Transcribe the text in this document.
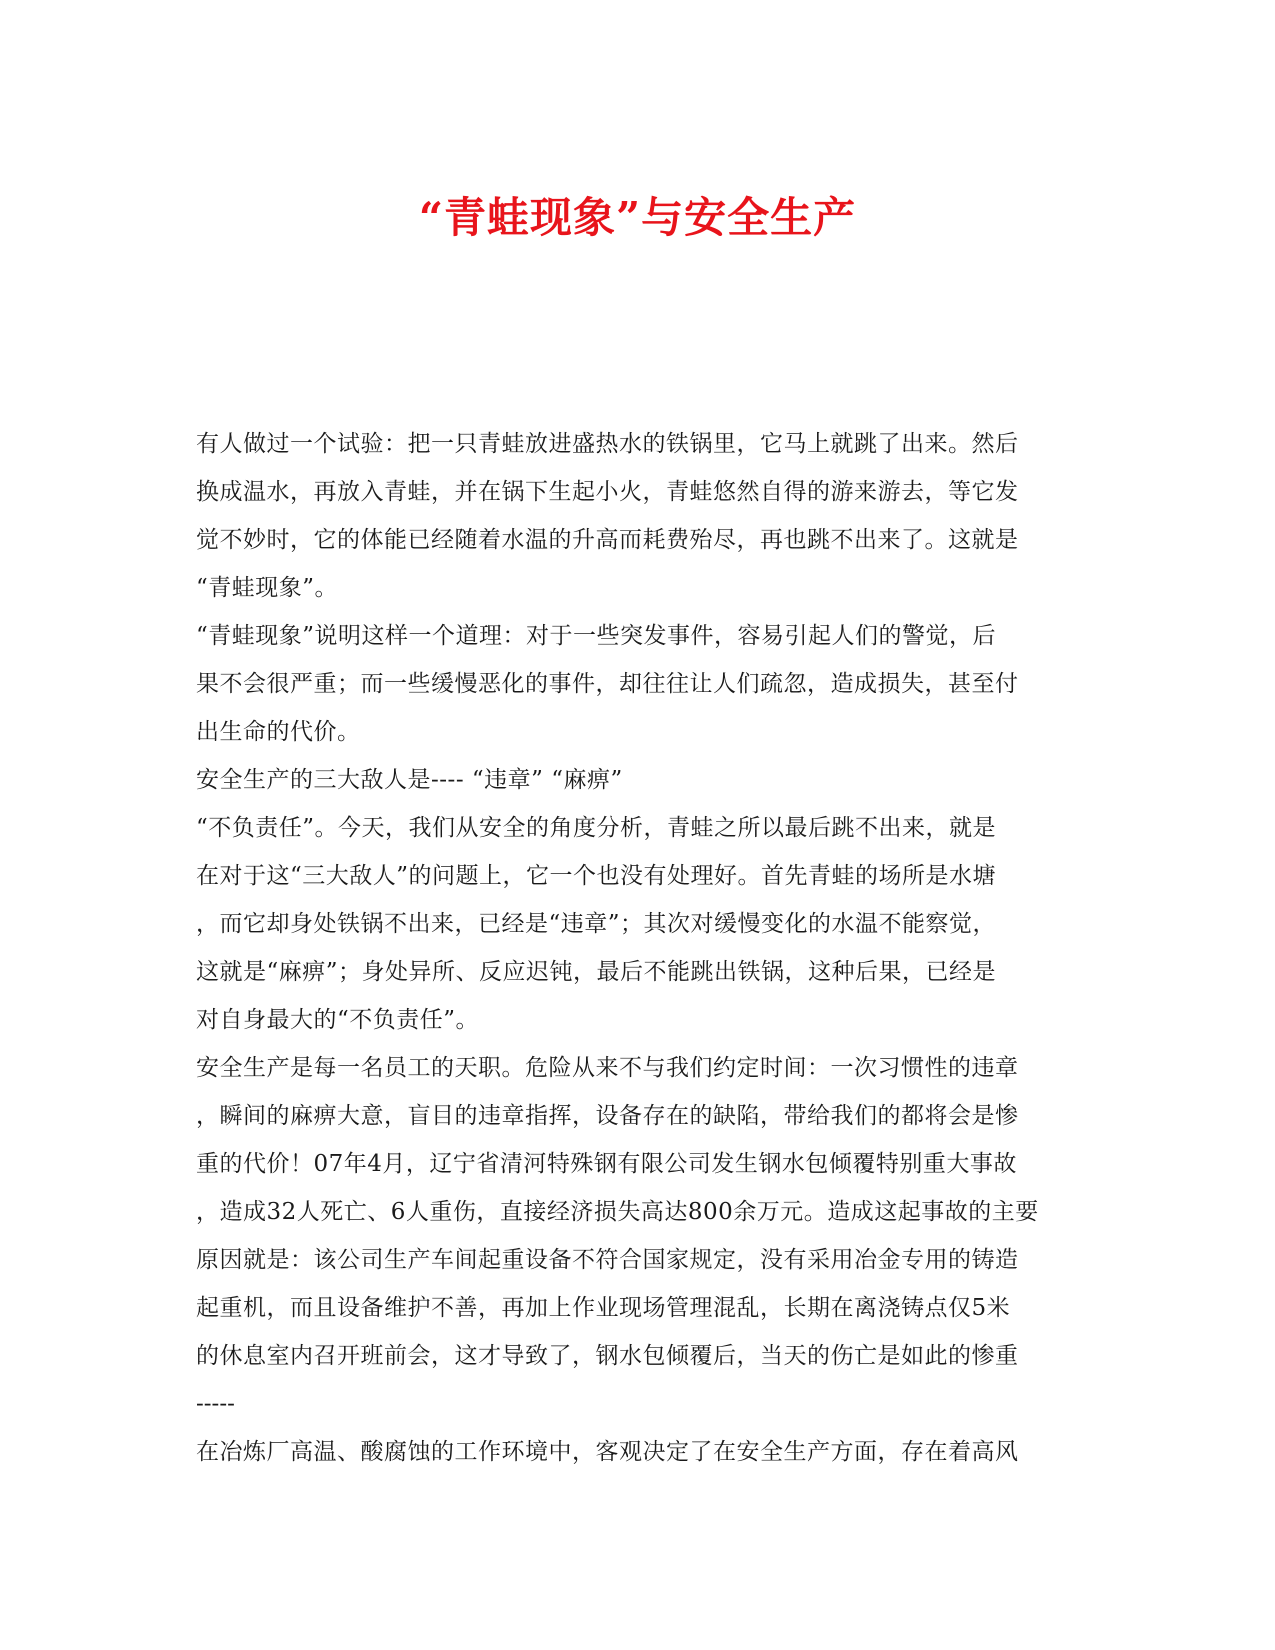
“青蛙现象”与安全生产
有人做过一个试验：把一只青蛙放进盛热水的铁锅里，它马上就跳了出来。然后
换成温水，再放入青蛙，并在锅下生起小火，青蛙悠然自得的游来游去，等它发
觉不妙时，它的体能已经随着水温的升高而耗费殆尽，再也跳不出来了。这就是
“青蛙现象”。
“青蛙现象”说明这样一个道理：对于一些突发事件，容易引起人们的警觉，后
果不会很严重；而一些缓慢恶化的事件，却往往让人们疏忽，造成损失，甚至付
出生命的代价。
安全生产的三大敌人是---- “违章” “麻痹”
“不负责任”。今天，我们从安全的角度分析，青蛙之所以最后跳不出来，就是
在对于这“三大敌人”的问题上，它一个也没有处理好。首先青蛙的场所是水塘
，而它却身处铁锅不出来，已经是“违章”；其次对缓慢变化的水温不能察觉，
这就是“麻痹”；身处异所、反应迟钝，最后不能跳出铁锅，这种后果，已经是
对自身最大的“不负责任”。
安全生产是每一名员工的天职。危险从来不与我们约定时间：一次习惯性的违章
，瞬间的麻痹大意，盲目的违章指挥，设备存在的缺陷，带给我们的都将会是惨
重的代价！07年4月，辽宁省清河特殊钢有限公司发生钢水包倾覆特别重大事故
，造成32人死亡、6人重伤，直接经济损失高达800余万元。造成这起事故的主要
原因就是：该公司生产车间起重设备不符合国家规定，没有采用冶金专用的铸造
起重机，而且设备维护不善，再加上作业现场管理混乱，长期在离浇铸点仅5米
的休息室内召开班前会，这才导致了，钢水包倾覆后，当天的伤亡是如此的惨重
-----
在冶炼厂高温、酸腐蚀的工作环境中，客观决定了在安全生产方面，存在着高风
